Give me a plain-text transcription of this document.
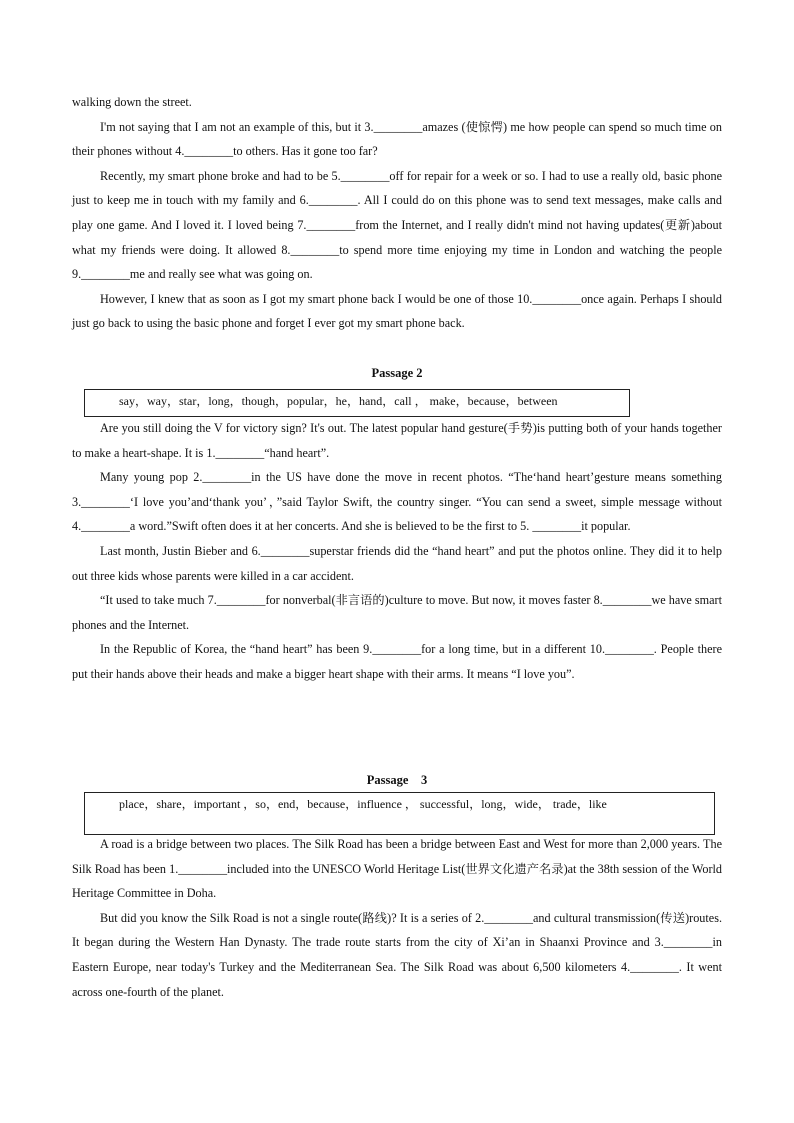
walking down the street.

I'm not saying that I am not an example of this, but it 3.________amazes (使惊愕) me how people can spend so much time on their phones without 4.________to others. Has it gone too far?

Recently, my smart phone broke and had to be 5.________off for repair for a week or so. I had to use a really old, basic phone just to keep me in touch with my family and 6.________. All I could do on this phone was to send text messages, make calls and play one game. And I loved it. I loved being 7.________from the Internet, and I really didn't mind not having updates(更新)about what my friends were doing. It allowed 8.________to spend more time enjoying my time in London and watching the people 9.________me and really see what was going on.

However, I knew that as soon as I got my smart phone back I would be one of those 10.________once again. Perhaps I should just go back to using the basic phone and forget I ever got my smart phone back.

Passage 2
say，way，star，long，though，popular，he，hand，call ， make，because，between

Are you still doing the V for victory sign? It's out. The latest popular hand gesture(手势)is putting both of your hands together to make a heart-shape. It is 1.________“hand heart”.

Many young pop 2.________in the US have done the move in recent photos. “The‘hand heart’gesture means something 3.________‘I love you’and‘thank you’，”said Taylor Swift, the country singer. “You can send a sweet, simple message without 4.________a word.”Swift often does it at her concerts. And she is believed to be the first to 5. ________it popular.

Last month, Justin Bieber and 6.________superstar friends did the “hand heart” and put the photos online. They did it to help out three kids whose parents were killed in a car accident.

“It used to take much 7.________for nonverbal(非言语的)culture to move. But now, it moves faster 8.________we have smart phones and the Internet.

In the Republic of Korea, the “hand heart” has been 9.________for a long time, but in a different 10.________. People there put their hands above their heads and make a bigger heart shape with their arms. It means “I love you”.

Passage　3
place，share，important ，so，end，because，influence ， successful，long，wide， trade，like

A road is a bridge between two places. The Silk Road has been a bridge between East and West for more than 2,000 years. The Silk Road has been 1.________included into the UNESCO World Heritage List(世界文化遗产名录)at the 38th session of the World Heritage Committee in Doha.

But did you know the Silk Road is not a single route(路线)? It is a series of 2.________and cultural transmission(传送)routes. It began during the Western Han Dynasty. The trade route starts from the city of Xi’an in Shaanxi Province and 3.________in Eastern Europe, near today's Turkey and the Mediterranean Sea. The Silk Road was about 6,500 kilometers 4.________. It went across one-fourth of the planet.
